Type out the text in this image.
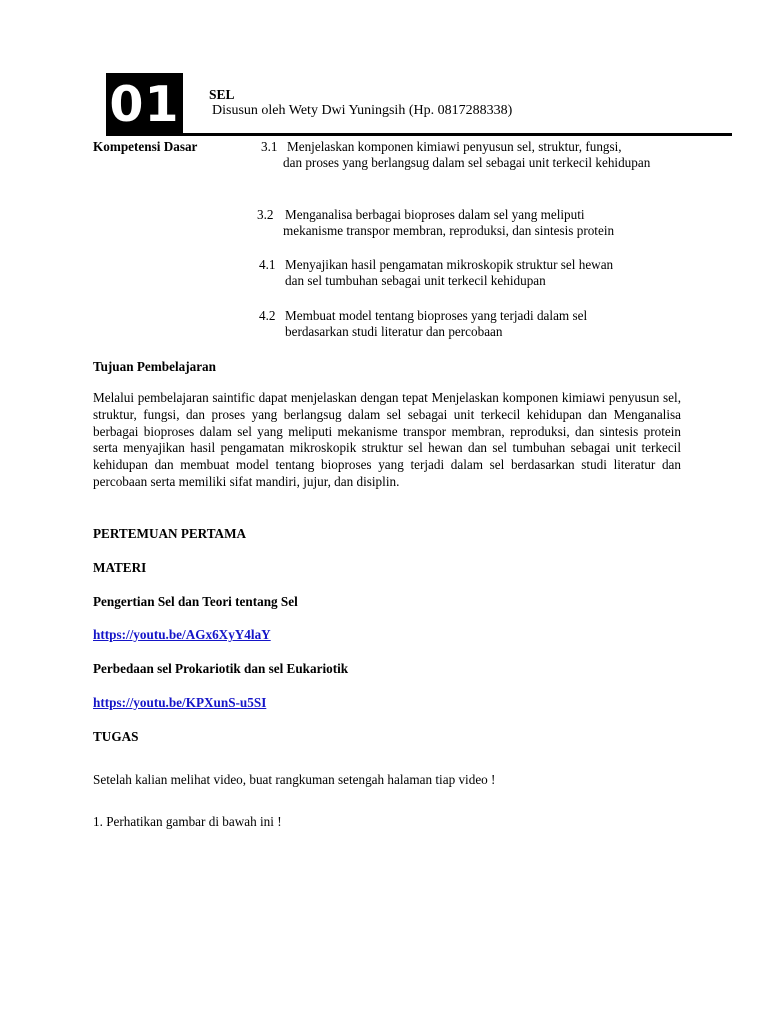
01 SEL
Disusun oleh Wety Dwi Yuningsih (Hp. 0817288338)
Kompetensi Dasar	3.1 Menjelaskan komponen kimiawi penyusun sel, struktur, fungsi,
dan proses yang berlangsug dalam sel sebagai unit terkecil kehidupan
3.2 Menganalisa berbagai bioproses dalam sel yang meliputi
mekanisme transpor membran, reproduksi, dan sintesis protein
4.1 Menyajikan hasil pengamatan mikroskopik struktur sel hewan
dan sel tumbuhan sebagai unit terkecil kehidupan
4.2 Membuat model tentang bioproses yang terjadi dalam sel
berdasarkan studi literatur dan percobaan
Tujuan Pembelajaran
Melalui pembelajaran saintific dapat menjelaskan dengan tepat Menjelaskan komponen kimiawi penyusun sel, struktur, fungsi, dan proses yang berlangsug dalam sel sebagai unit terkecil kehidupan dan Menganalisa berbagai bioproses dalam sel yang meliputi mekanisme transpor membran, reproduksi, dan sintesis protein serta menyajikan hasil pengamatan mikroskopik struktur sel hewan dan sel tumbuhan sebagai unit terkecil kehidupan dan membuat model tentang bioproses yang terjadi dalam sel berdasarkan studi literatur dan percobaan serta memiliki sifat mandiri, jujur, dan disiplin.
PERTEMUAN PERTAMA
MATERI
Pengertian Sel dan Teori tentang Sel
https://youtu.be/AGx6XyY4laY
Perbedaan sel Prokariotik dan sel Eukariotik
https://youtu.be/KPXunS-u5SI
TUGAS
Setelah kalian melihat video, buat rangkuman setengah halaman tiap video !
1. Perhatikan gambar di bawah ini !
